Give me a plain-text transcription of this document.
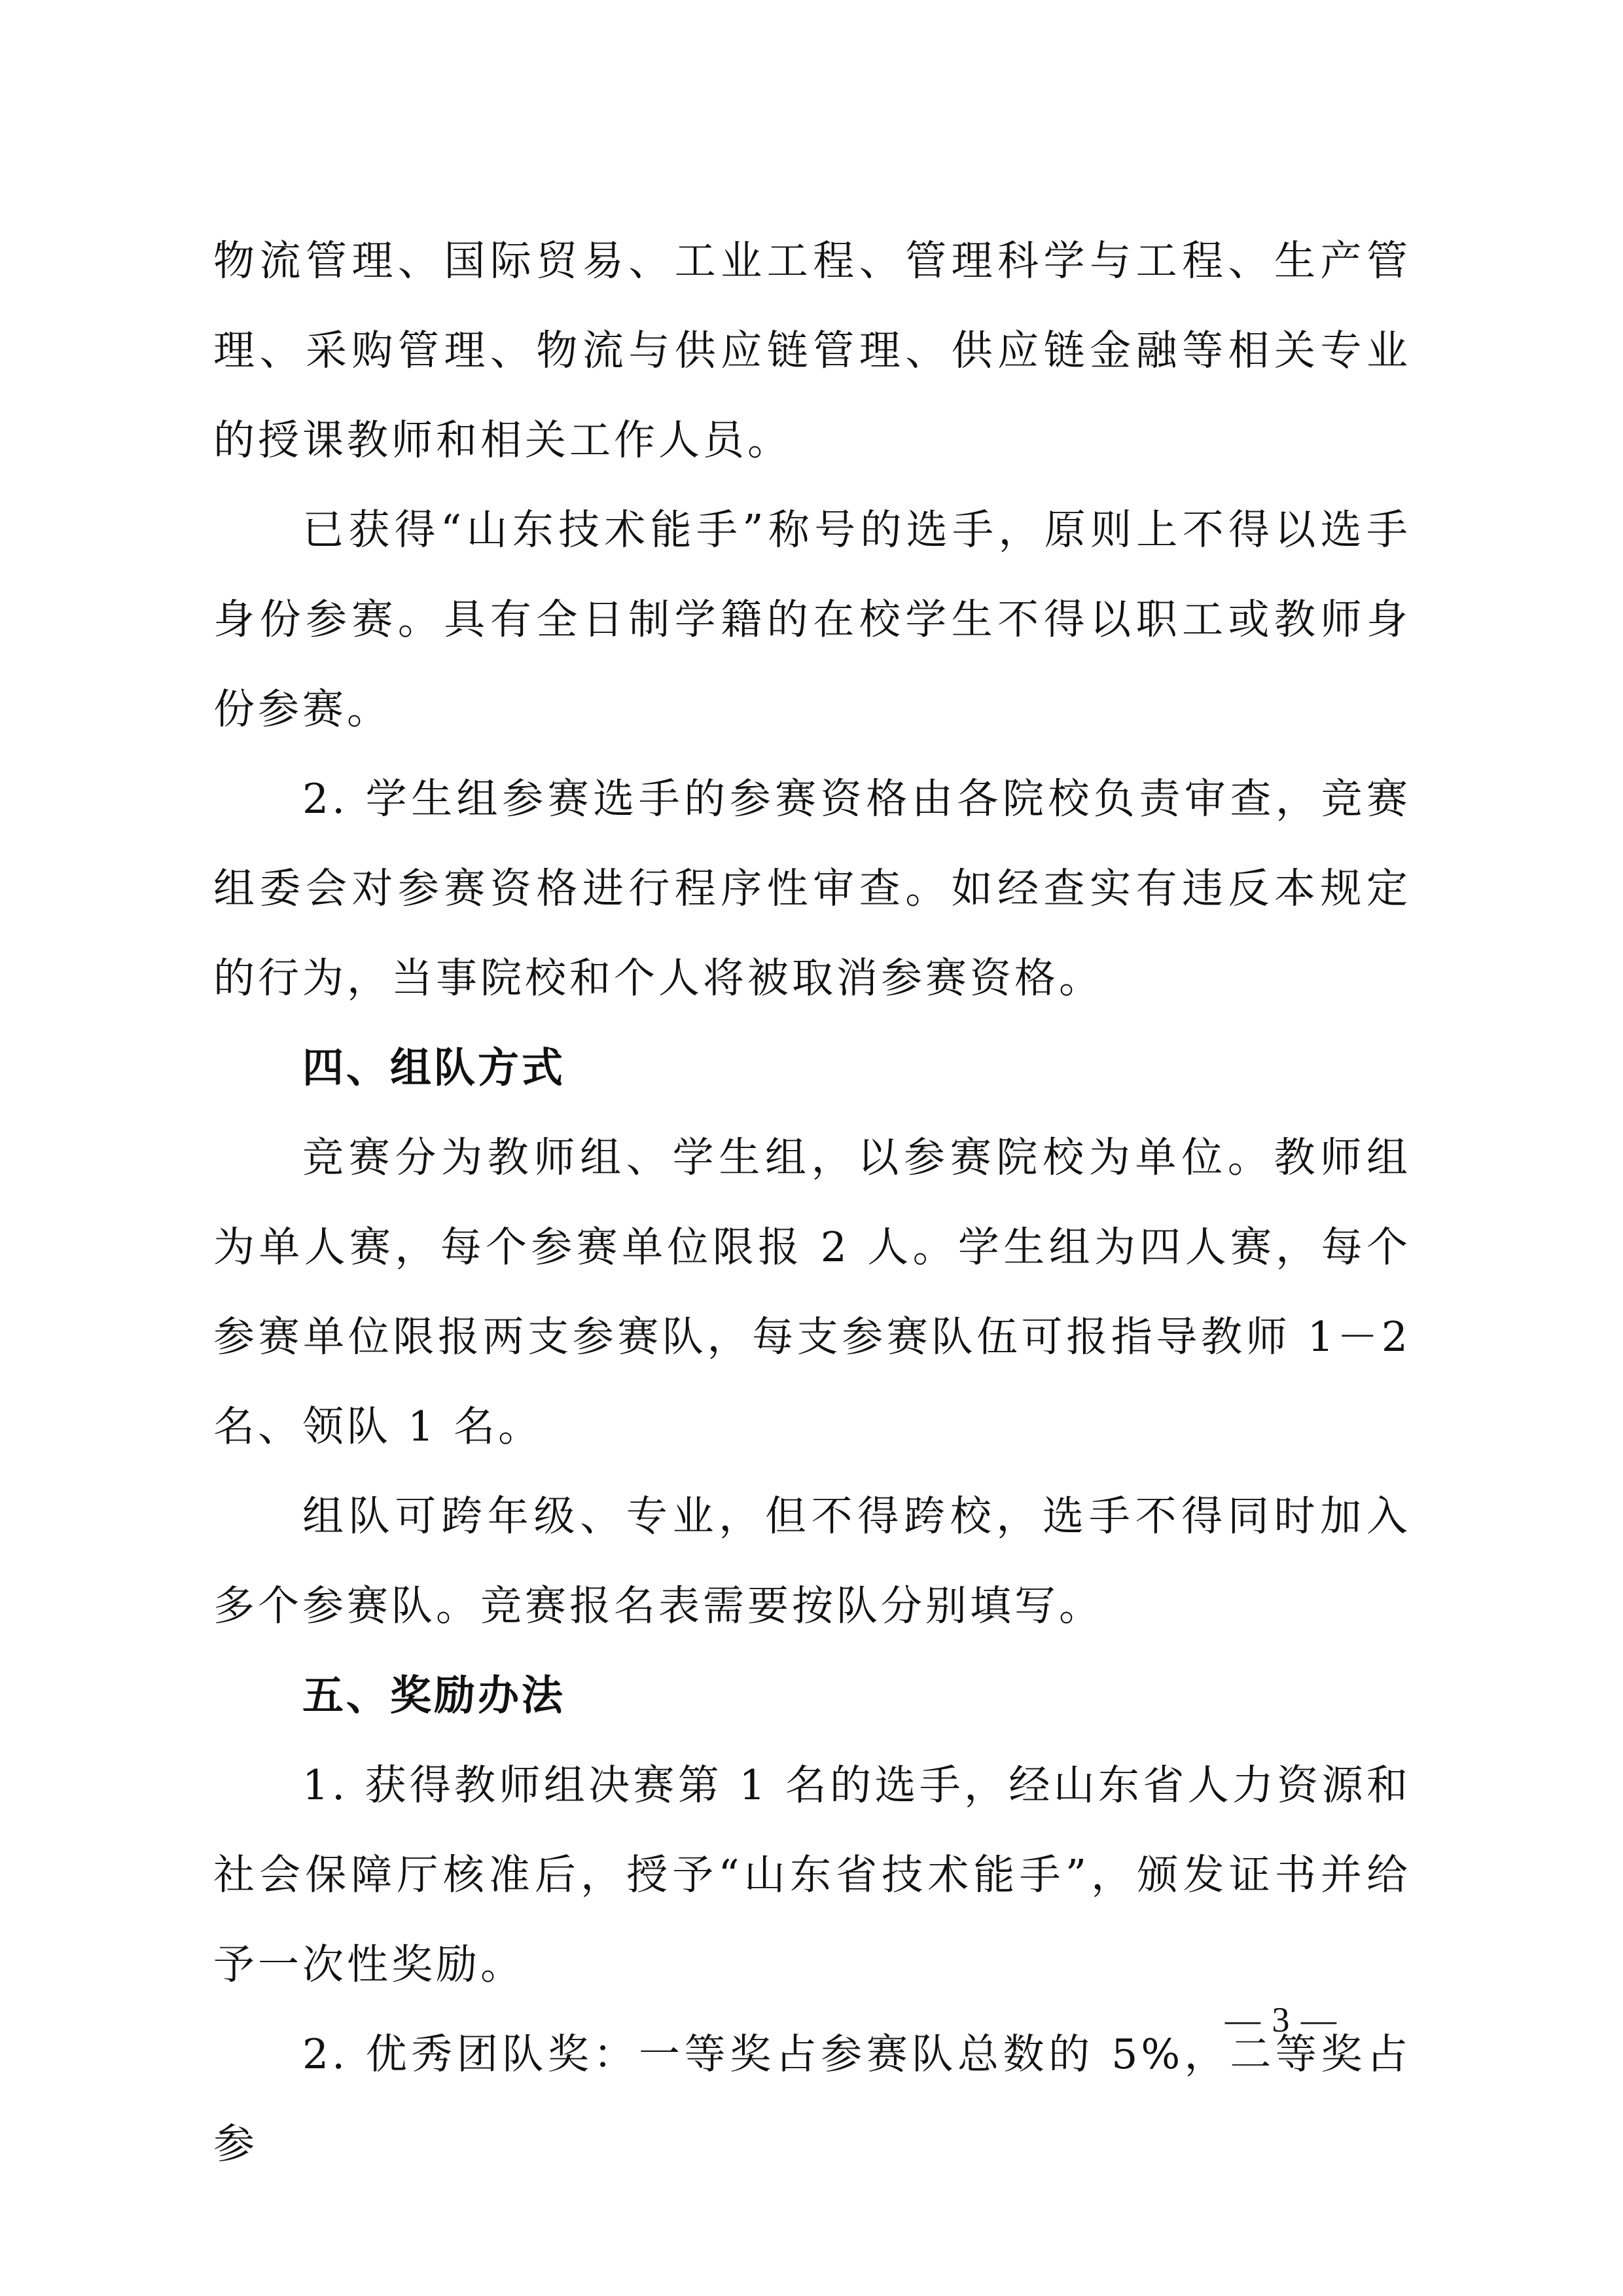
物流管理、国际贸易、工业工程、管理科学与工程、生产管理、采购管理、物流与供应链管理、供应链金融等相关专业的授课教师和相关工作人员。

已获得“山东技术能手”称号的选手，原则上不得以选手身份参赛。具有全日制学籍的在校学生不得以职工或教师身份参赛。

2. 学生组参赛选手的参赛资格由各院校负责审查，竞赛组委会对参赛资格进行程序性审查。如经查实有违反本规定的行为，当事院校和个人将被取消参赛资格。

四、组队方式

竞赛分为教师组、学生组，以参赛院校为单位。教师组为单人赛，每个参赛单位限报 2 人。学生组为四人赛，每个参赛单位限报两支参赛队，每支参赛队伍可报指导教师 1－2 名、领队 1 名。

组队可跨年级、专业，但不得跨校，选手不得同时加入多个参赛队。竞赛报名表需要按队分别填写。

五、奖励办法

1. 获得教师组决赛第 1 名的选手，经山东省人力资源和社会保障厅核准后，授予“山东省技术能手”，颁发证书并给予一次性奖励。

2. 优秀团队奖：一等奖占参赛队总数的 5%，二等奖占参

— 3 —
